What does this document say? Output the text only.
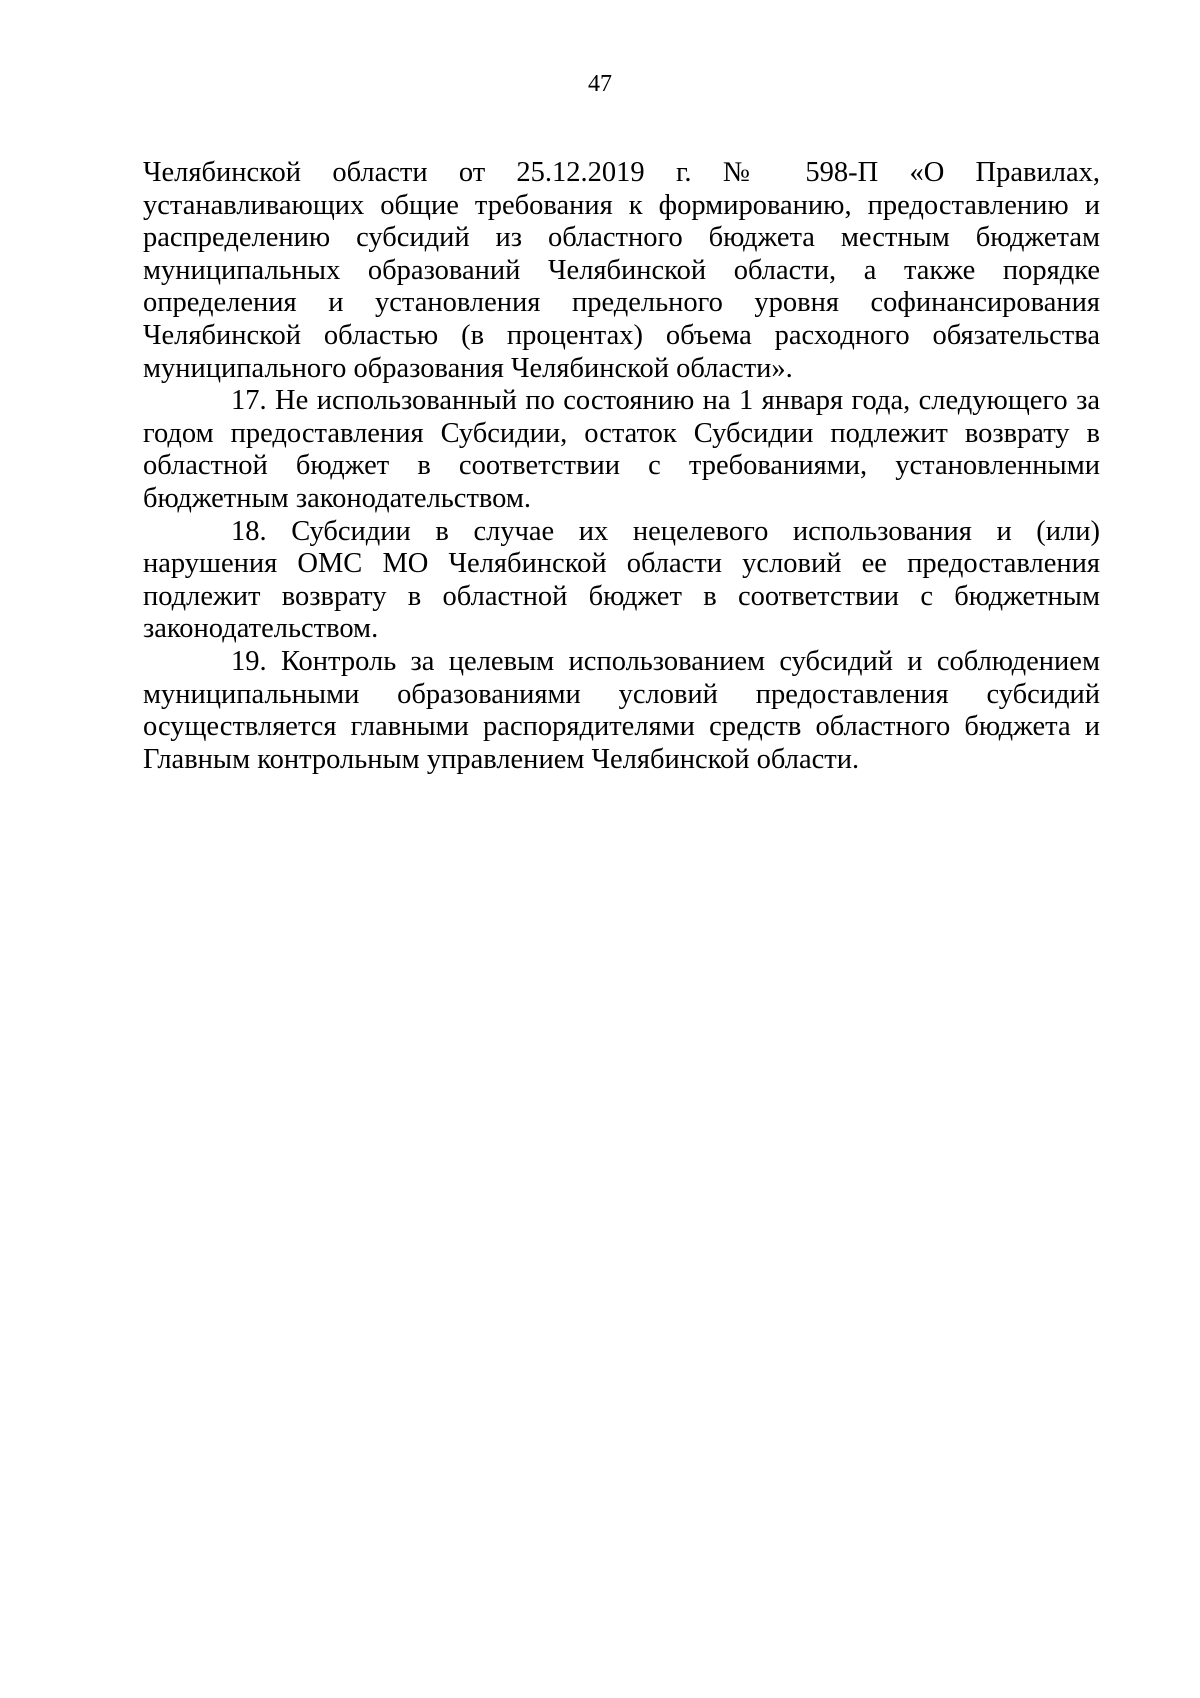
47

Челябинской области от 25.12.2019 г. № 598-П «О Правилах, устанавливающих общие требования к формированию, предоставлению и распределению субсидий из областного бюджета местным бюджетам муниципальных образований Челябинской области, а также порядке определения и установления предельного уровня софинансирования Челябинской областью (в процентах) объема расходного обязательства муниципального образования Челябинской области».

17. Не использованный по состоянию на 1 января года, следующего за годом предоставления Субсидии, остаток Субсидии подлежит возврату в областной бюджет в соответствии с требованиями, установленными бюджетным законодательством.

18. Субсидии в случае их нецелевого использования и (или) нарушения ОМС МО Челябинской области условий ее предоставления подлежит возврату в областной бюджет в соответствии с бюджетным законодательством.

19. Контроль за целевым использованием субсидий и соблюдением муниципальными образованиями условий предоставления субсидий осуществляется главными распорядителями средств областного бюджета и Главным контрольным управлением Челябинской области.
